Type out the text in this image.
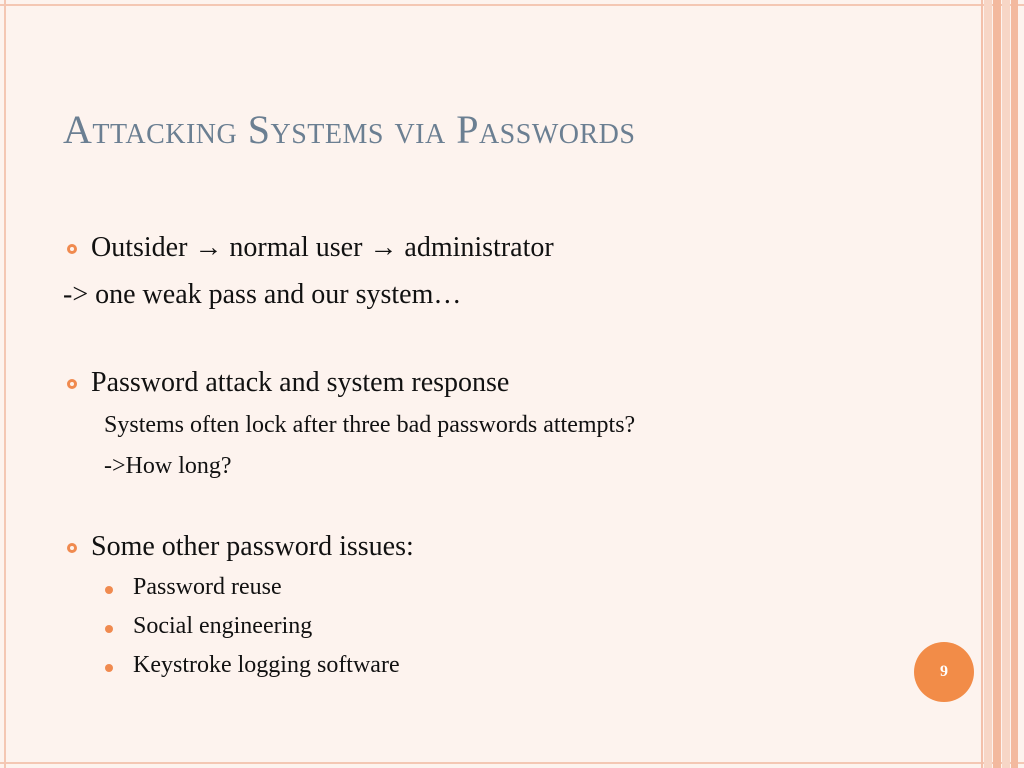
Attacking Systems via Passwords
Outsider → normal user → administrator
-> one weak pass and our system…
Password attack and system response
Systems often lock after three bad passwords attempts?
->How long?
Some other password issues:
Password reuse
Social engineering
Keystroke logging software	9
